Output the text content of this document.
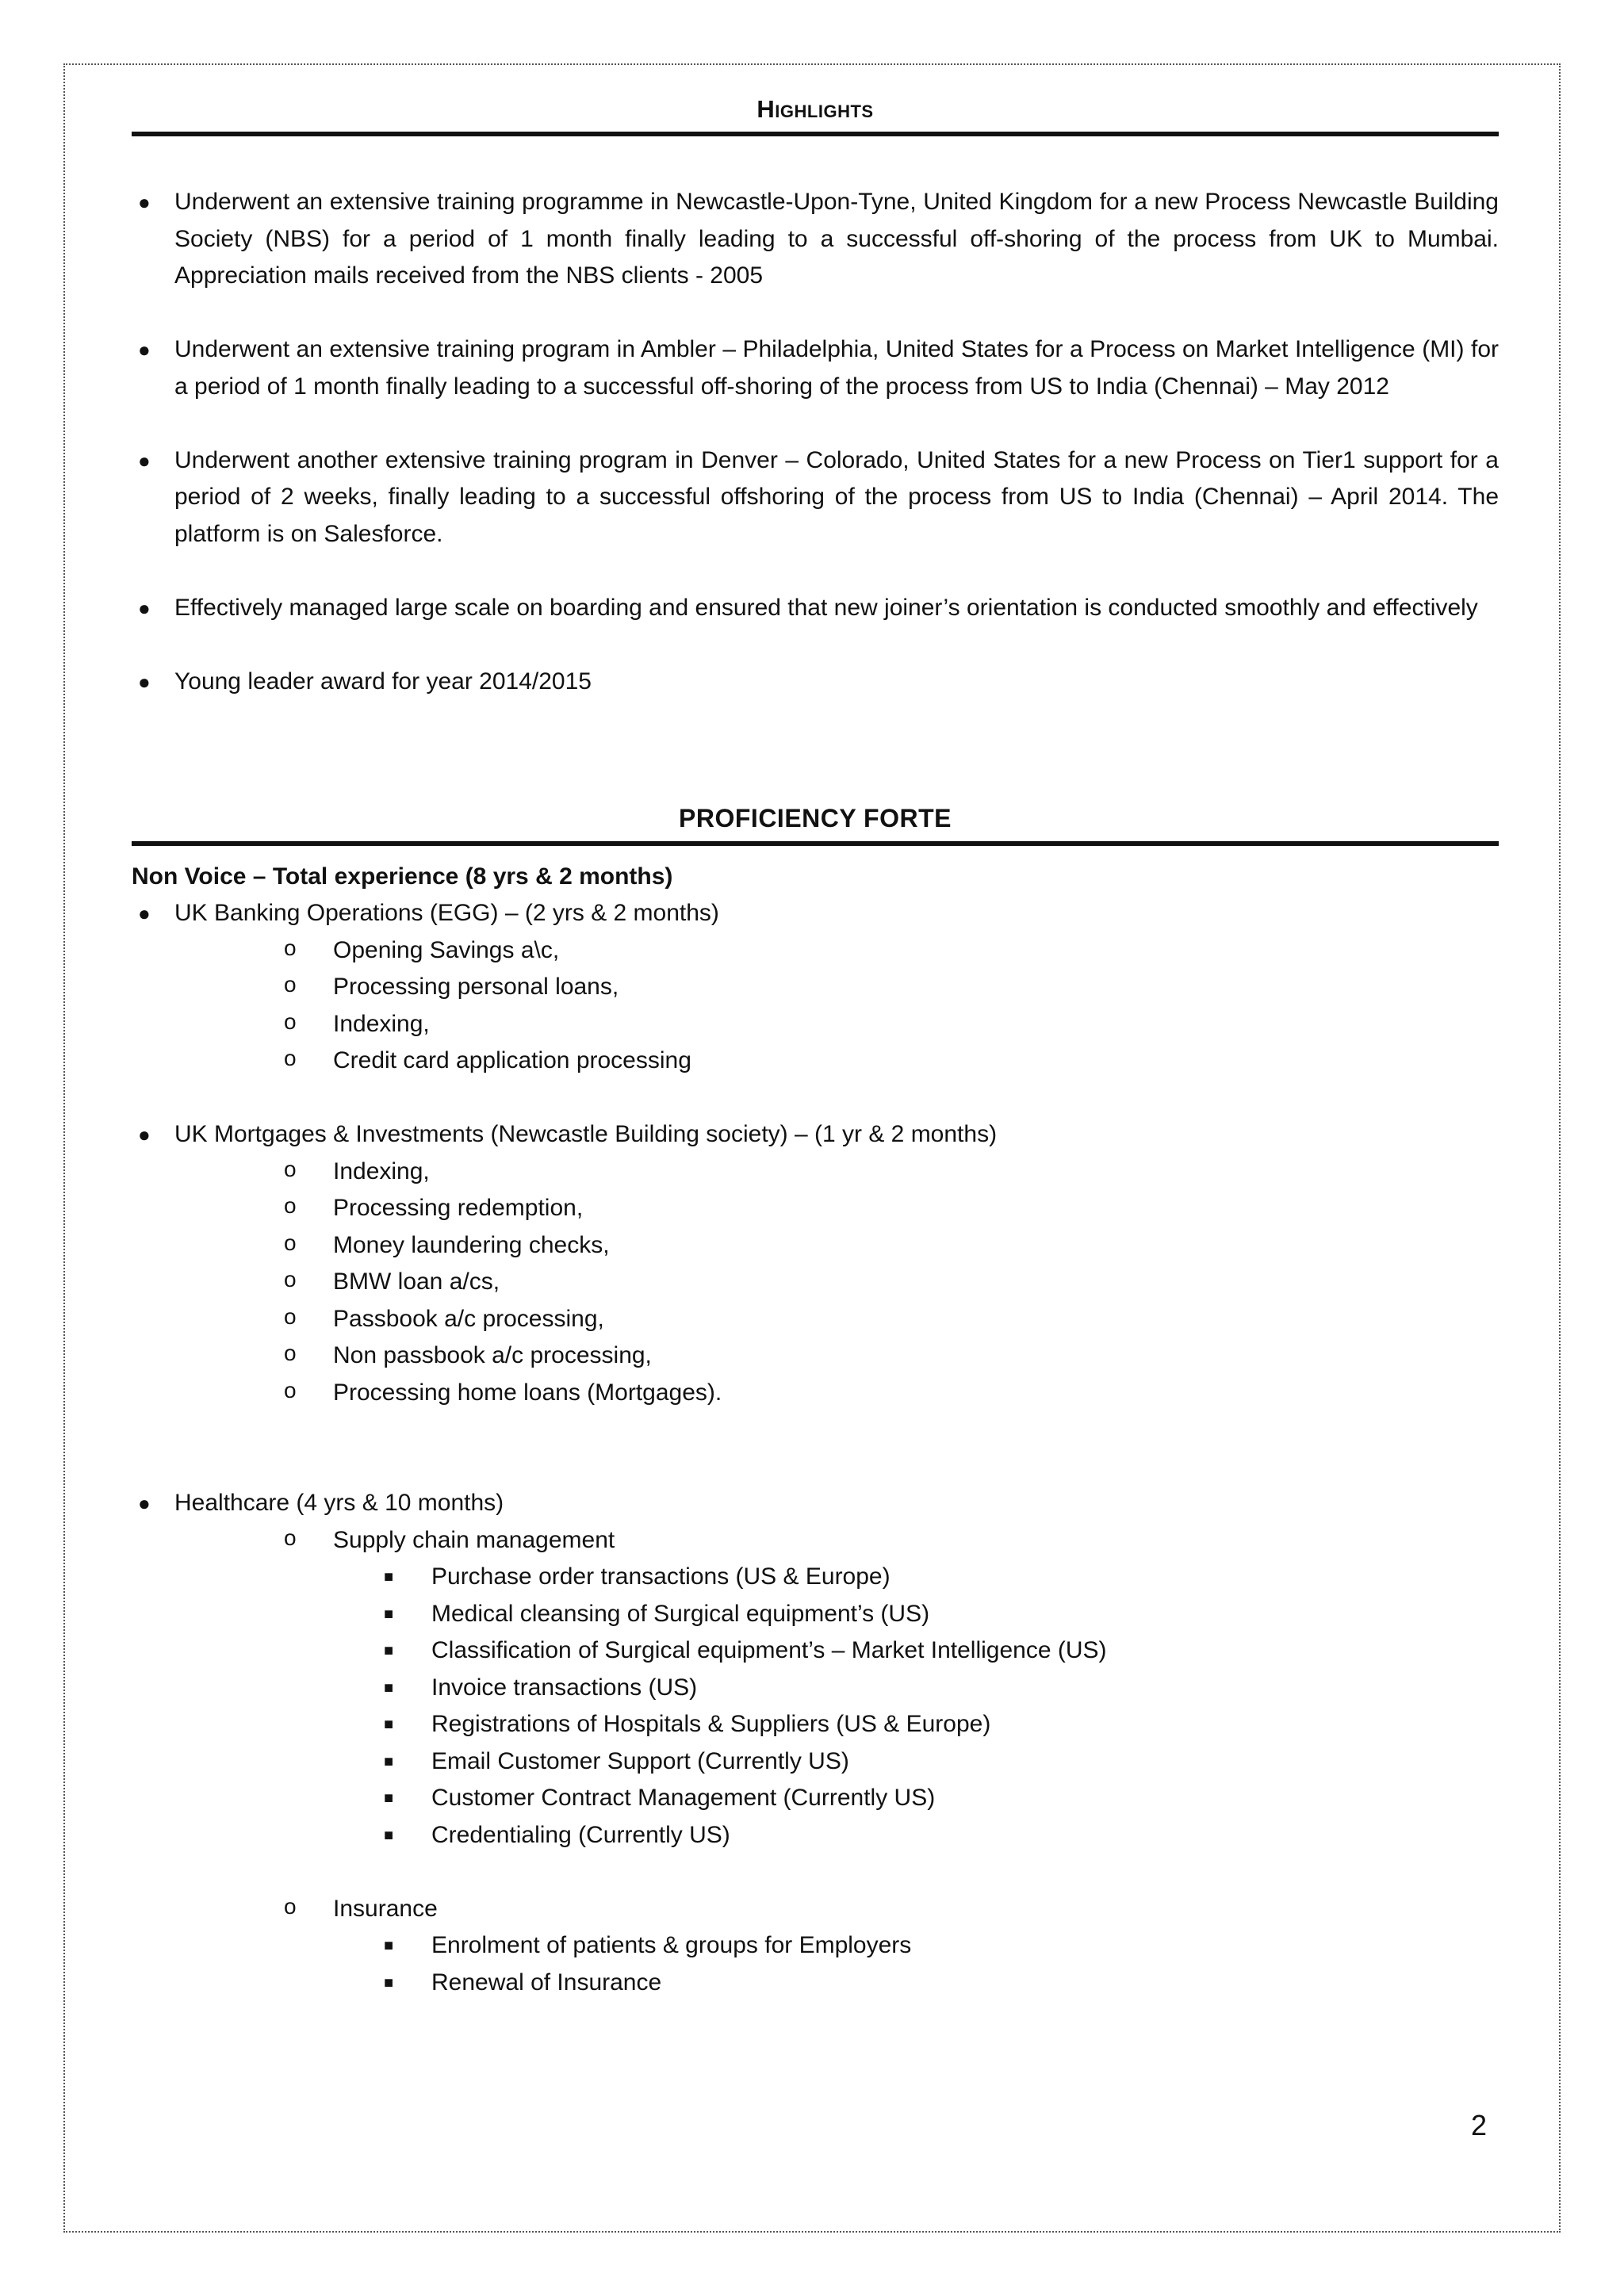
Highlights
● Underwent an extensive training programme in Newcastle-Upon-Tyne, United Kingdom for a new Process Newcastle Building Society (NBS) for a period of 1 month finally leading to a successful off-shoring of the process from UK to Mumbai. Appreciation mails received from the NBS clients - 2005
● Underwent an extensive training program in Ambler – Philadelphia, United States for a Process on Market Intelligence (MI) for a period of 1 month finally leading to a successful off-shoring of the process from US to India (Chennai) – May 2012
● Underwent another extensive training program in Denver – Colorado, United States for a new Process on Tier1 support for a period of 2 weeks, finally leading to a successful offshoring of the process from US to India (Chennai) – April 2014. The platform is on Salesforce.
● Effectively managed large scale on boarding and ensured that new joiner’s orientation is conducted smoothly and effectively
● Young leader award for year 2014/2015
PROFICIENCY FORTE
Non Voice – Total experience (8 yrs & 2 months)
● UK Banking Operations (EGG) – (2 yrs & 2 months)
o Opening Savings a\c,
o Processing personal loans,
o Indexing,
o Credit card application processing
● UK Mortgages & Investments (Newcastle Building society) – (1 yr & 2 months)
o Indexing,
o Processing redemption,
o Money laundering checks,
o BMW loan a/cs,
o Passbook a/c processing,
o Non passbook a/c processing,
o Processing home loans (Mortgages).
● Healthcare (4 yrs & 10 months)
o Supply chain management
■ Purchase order transactions (US & Europe)
■ Medical cleansing of Surgical equipment’s (US)
■ Classification of Surgical equipment’s – Market Intelligence (US)
■ Invoice transactions (US)
■ Registrations of Hospitals & Suppliers (US & Europe)
■ Email Customer Support (Currently US)
■ Customer Contract Management (Currently US)
■ Credentialing (Currently US)
o Insurance
■ Enrolment of patients & groups for Employers
■ Renewal of Insurance
2
